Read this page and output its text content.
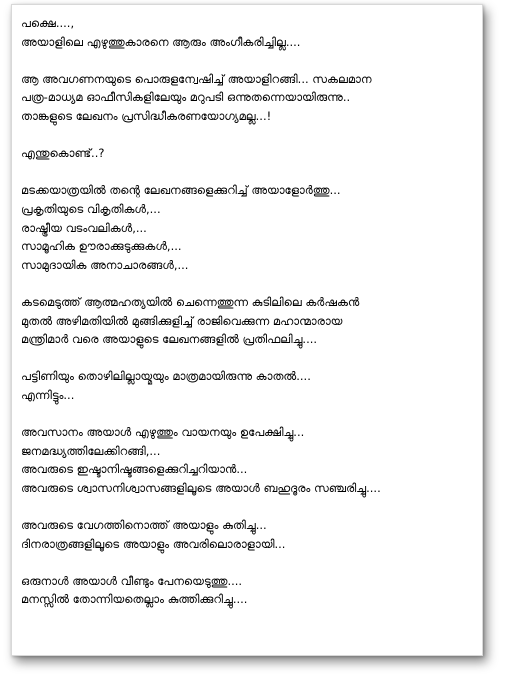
പക്ഷെ....,
അയാളിലെ എഴുത്തുകാരനെ ആരും അംഗീകരിച്ചില്ല....
ആ അവഗണനയുടെ പൊരുളന്വേഷിച്ച് അയാളിറങ്ങി... സകലമാന
പത്ര-മാധ്യമ ഓഫീസികളിലേയും മറുപടി ഒന്നുതന്നെയായിരുന്നു..
താങ്കളുടെ ലേഖനം പ്രസിദ്ധീകരണയോഗ്യമല്ല...!
എന്തുകൊണ്ട്..?
മടക്കയാത്രയിൽ തന്റെ ലേഖനങ്ങളെക്കുറിച്ച് അയാളോർത്തു...
പ്രകൃതിയുടെ വികൃതികൾ,...
രാഷ്ട്രീയ വടംവലികൾ,...
സാമൂഹിക ഊരാക്കുടുക്കുകൾ,...
സാമുദായിക അനാചാരങ്ങൾ,...
കടമെടുത്ത് ആത്മഹത്യയിൽ ചെന്നെത്തുന്ന കുടിലിലെ കർഷകൻ
മുതൽ അഴിമതിയിൽ മുങ്ങിക്കുളിച്ച് രാജിവെക്കുന്ന മഹാന്മാരായ
മന്ത്രിമാർ വരെ അയാളുടെ ലേഖനങ്ങളിൽ പ്രതിഫലിച്ചു....
പട്ടിണിയും തൊഴിലില്ലായ്മയും മാത്രമായിരുന്നു കാതൽ....
എന്നിട്ടും...
അവസാനം അയാൾ എഴുത്തും വായനയും ഉപേക്ഷിച്ചു...
ജനമദ്ധ്യത്തിലേക്കിറങ്ങി,...
അവരുടെ ഇഷ്ടാനിഷ്ടങ്ങളെക്കുറിച്ചറിയാൻ...
അവരുടെ ശ്വാസനിശ്വാസങ്ങളിലൂടെ അയാൾ ബഹുദൂരം സഞ്ചരിച്ചു....
അവരുടെ വേഗത്തിനൊത്ത് അയാളും കുതിച്ചു...
ദിനരാത്രങ്ങളിലൂടെ അയാളും അവരിലൊരാളായി...
ഒരുനാൾ അയാൾ വീണ്ടും പേനയെടുത്തു....
മനസ്സിൽ തോന്നിയതെല്ലാം കുത്തിക്കുറിച്ചു....
